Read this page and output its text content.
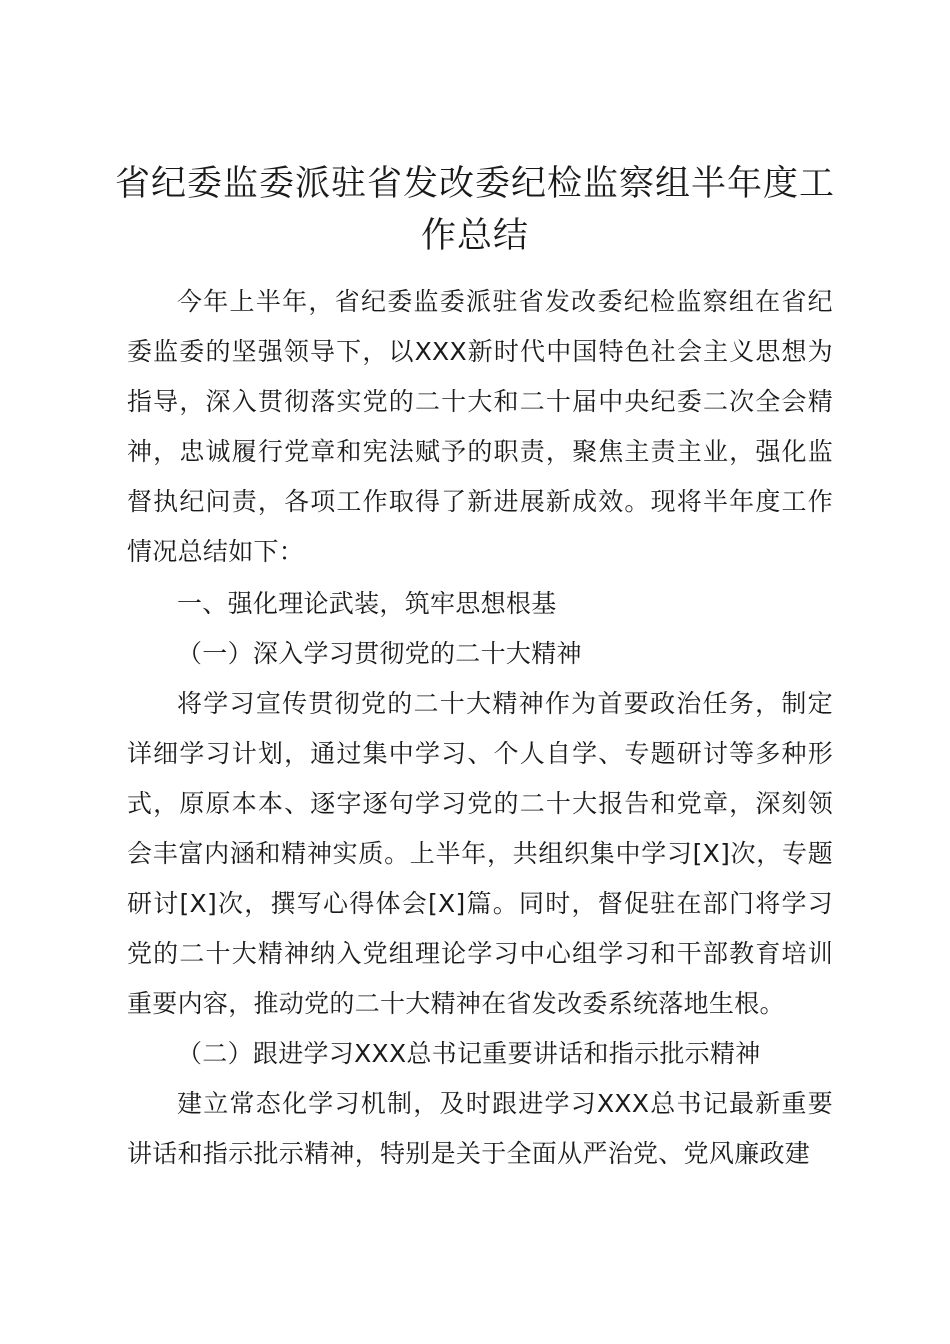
省纪委监委派驻省发改委纪检监察组半年度工作总结

今年上半年，省纪委监委派驻省发改委纪检监察组在省纪委监委的坚强领导下，以XXX新时代中国特色社会主义思想为指导，深入贯彻落实党的二十大和二十届中央纪委二次全会精神，忠诚履行党章和宪法赋予的职责，聚焦主责主业，强化监督执纪问责，各项工作取得了新进展新成效。现将半年度工作情况总结如下：

一、强化理论武装，筑牢思想根基

（一）深入学习贯彻党的二十大精神

将学习宣传贯彻党的二十大精神作为首要政治任务，制定详细学习计划，通过集中学习、个人自学、专题研讨等多种形式，原原本本、逐字逐句学习党的二十大报告和党章，深刻领会丰富内涵和精神实质。上半年，共组织集中学习[X]次，专题研讨[X]次，撰写心得体会[X]篇。同时，督促驻在部门将学习党的二十大精神纳入党组理论学习中心组学习和干部教育培训重要内容，推动党的二十大精神在省发改委系统落地生根。

（二）跟进学习XXX总书记重要讲话和指示批示精神

建立常态化学习机制，及时跟进学习XXX总书记最新重要讲话和指示批示精神，特别是关于全面从严治党、党风廉政建
